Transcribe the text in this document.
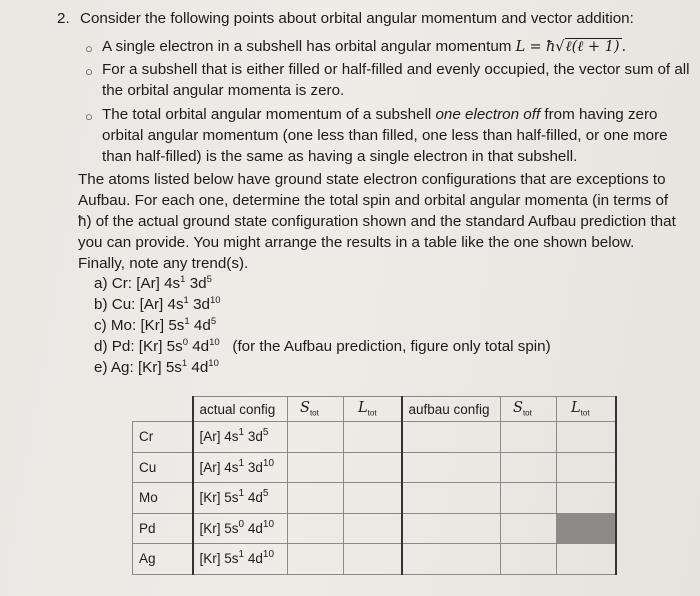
2. Consider the following points about orbital angular momentum and vector addition:
○ A single electron in a subshell has orbital angular momentum L = ħ√ℓ(ℓ + 1) .
○ For a subshell that is either filled or half-filled and evenly occupied, the vector sum of all
the orbital angular momenta is zero.
○ The total orbital angular momentum of a subshell one electron off from having zero
orbital angular momentum (one less than filled, one less than half-filled, or one more
than half-filled) is the same as having a single electron in that subshell.
The atoms listed below have ground state electron configurations that are exceptions to
Aufbau. For each one, determine the total spin and orbital angular momenta (in terms of
ħ) of the actual ground state configuration shown and the standard Aufbau prediction that
you can provide. You might arrange the results in a table like the one shown below.
Finally, note any trend(s).
a) Cr: [Ar] $4s^1$ $3d^5$
b) Cu: [Ar] $4s^1$ $3d^{10}$
c) Mo: [Kr] $5s^1$ $4d^5$
d) Pd: [Kr] $5s^0$ $4d^{10}$ (for the Aufbau prediction, figure only total spin)
e) Ag: [Kr] $5s^1$ $4d^{10}$
	actual config	$S_{tot}$	$L_{tot}$	aufbau config	$S_{tot}$	$L_{tot}$
Cr	[Ar] $4s^1$ $3d^5$					
Cu	[Ar] $4s^1$ $3d^{10}$					
Mo	[Kr] $5s^1$ $4d^5$					
Pd	[Kr] $5s^0$ $4d^{10}$					
Ag	[Kr] $5s^1$ $4d^{10}$					
